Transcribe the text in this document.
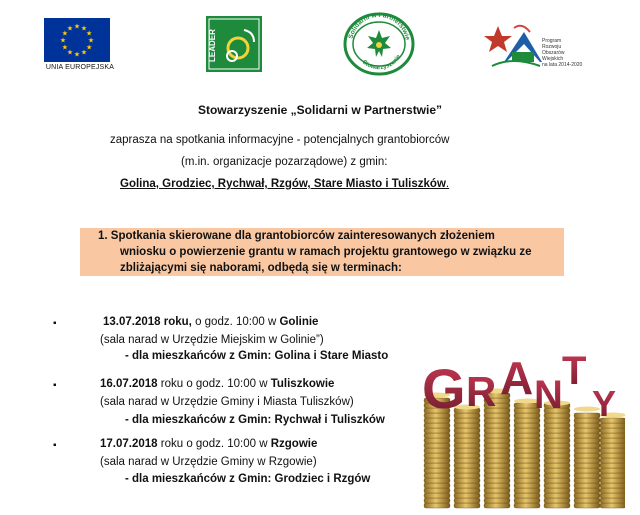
★
★
★
★
★
★
★
★
★ ★ ★
★
UNIA EUROPEJSKA
LEADER	Solidarni w Partnerstwie
Stowarzyszenie
Program
Rozwoju
Obszarów
Wiejskich
na lata 2014-2020
Stowarzyszenie „Solidarni w Partnerstwie”
zaprasza na spotkania informacyjne - potencjalnych grantobiorców
(m.in. organizacje pozarządowe) z gmin:
Golina, Grodziec, Rychwał, Rzgów, Stare Miasto i Tuliszków.
1. Spotkania skierowane dla grantobiorców zainteresowanych złożeniem
wniosku o powierzenie grantu w ramach projektu grantowego w związku ze
zbliżającymi się naborami, odbędą się w terminach:
▪	13.07.2018 roku, o godz. 10:00 w Golinie
(sala narad w Urzędzie Miejskim w Golinie”)
- dla mieszkańców z Gmin: Golina i Stare Miasto
▪	16.07.2018 roku o godz. 10:00 w Tuliszkowie
(sala narad w Urzędzie Gminy i Miasta Tuliszków)
- dla mieszkańców z Gmin: Rychwał i Tuliszków
▪	17.07.2018 roku o godz. 10:00 w Rzgowie
(sala narad w Urzędzie Gminy w Rzgowie)
- dla mieszkańców z Gmin: Grodziec i Rzgów
G R A N
T
Y
